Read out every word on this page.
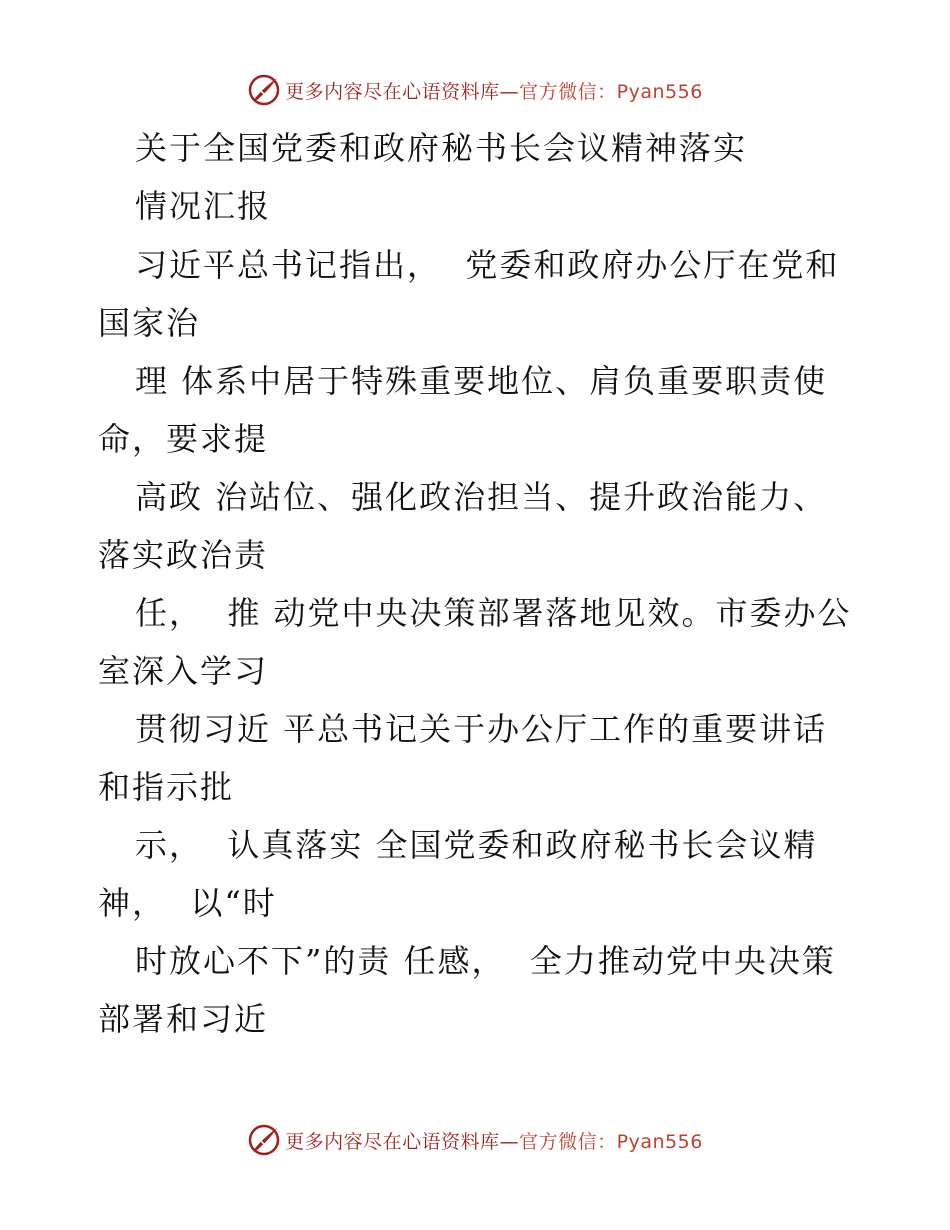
更多内容尽在心语资料库—官方微信：Pyan556
关于全国党委和政府秘书长会议精神落实
情况汇报
习近平总书记指出，  党委和政府办公厅在党和
国家治
理 体系中居于特殊重要地位、肩负重要职责使
命，要求提
高政 治站位、强化政治担当、提升政治能力、
落实政治责
任，  推 动党中央决策部署落地见效。市委办公
室深入学习
贯彻习近 平总书记关于办公厅工作的重要讲话
和指示批
示，  认真落实 全国党委和政府秘书长会议精
神，  以“时
时放心不下”的责 任感，  全力推动党中央决策
部署和习近
更多内容尽在心语资料库—官方微信：Pyan556
